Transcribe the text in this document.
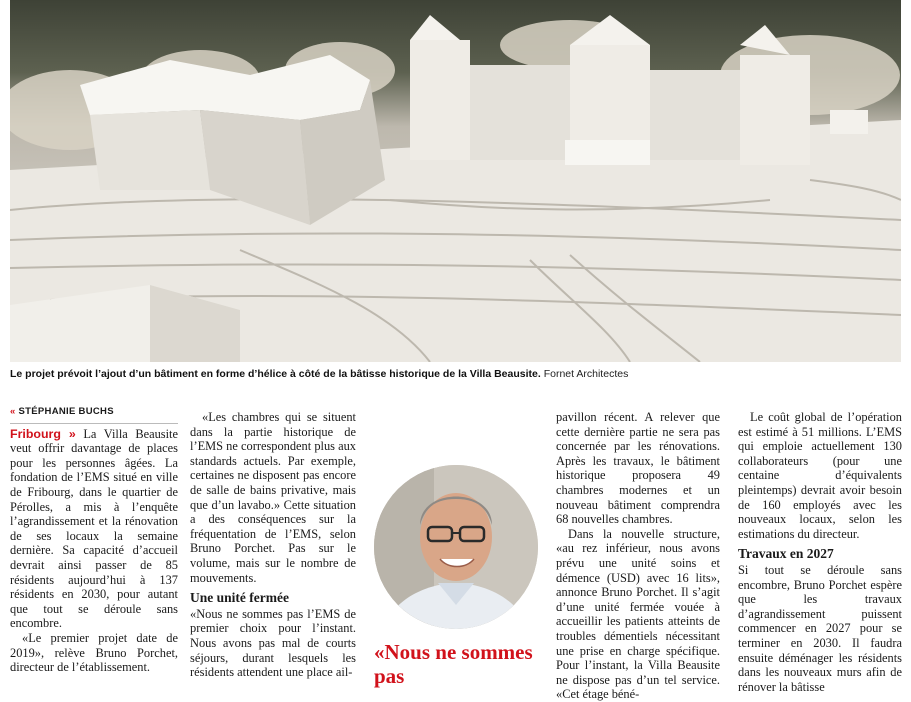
Le projet prévoit l’ajout d’un bâtiment en forme d’hélice à côté de la bâtisse historique de la Villa Beausite. Fornet Architectes
« STÉPHANIE BUCHS

Fribourg » La Villa Beausite veut offrir davantage de places pour les personnes âgées. La fondation de l’EMS situé en ville de Fribourg, dans le quartier de Pérolles, a mis à l’enquête l’agrandissement et la rénovation de ses locaux la semaine dernière. Sa capacité d’accueil devrait ainsi passer de 85 résidents aujourd’hui à 137 résidents en 2030, pour autant que tout se déroule sans encombre.

«Le premier projet date de 2019», relève Bruno Porchet, directeur de l’établissement.

«Les chambres qui se situent dans la partie historique de l’EMS ne correspondent plus aux standards actuels. Par exemple, certaines ne disposent pas encore de salle de bains privative, mais que d’un lavabo.» Cette situation a des conséquences sur la fréquentation de l’EMS, selon Bruno Porchet. Pas sur le volume, mais sur le nombre de mouvements.

Une unité fermée

«Nous ne sommes pas l’EMS de premier choix pour l’instant. Nous avons pas mal de courts séjours, durant lesquels les résidents attendent une place ail-

«Nous ne sommes pas

pavillon récent. A relever que cette dernière partie ne sera pas concernée par les rénovations. Après les travaux, le bâtiment historique proposera 49 chambres modernes et un nouveau bâtiment comprendra 68 nouvelles chambres.

Dans la nouvelle structure, «au rez inférieur, nous avons prévu une unité soins et démence (USD) avec 16 lits», annonce Bruno Porchet. Il s’agit d’une unité fermée vouée à accueillir les patients atteints de troubles démentiels nécessitant une prise en charge spécifique. Pour l’instant, la Villa Beausite ne dispose pas d’un tel service. «Cet étage béné-

Le coût global de l’opération est estimé à 51 millions. L’EMS qui emploie actuellement 130 collaborateurs (pour une centaine d’équivalents pleintemps) devrait avoir besoin de 160 employés avec les nouveaux locaux, selon les estimations du directeur.

Travaux en 2027

Si tout se déroule sans encombre, Bruno Porchet espère que les travaux d’agrandissement puissent commencer en 2027 pour se terminer en 2030. Il faudra ensuite déménager les résidents dans les nouveaux murs afin de rénover la bâtisse
